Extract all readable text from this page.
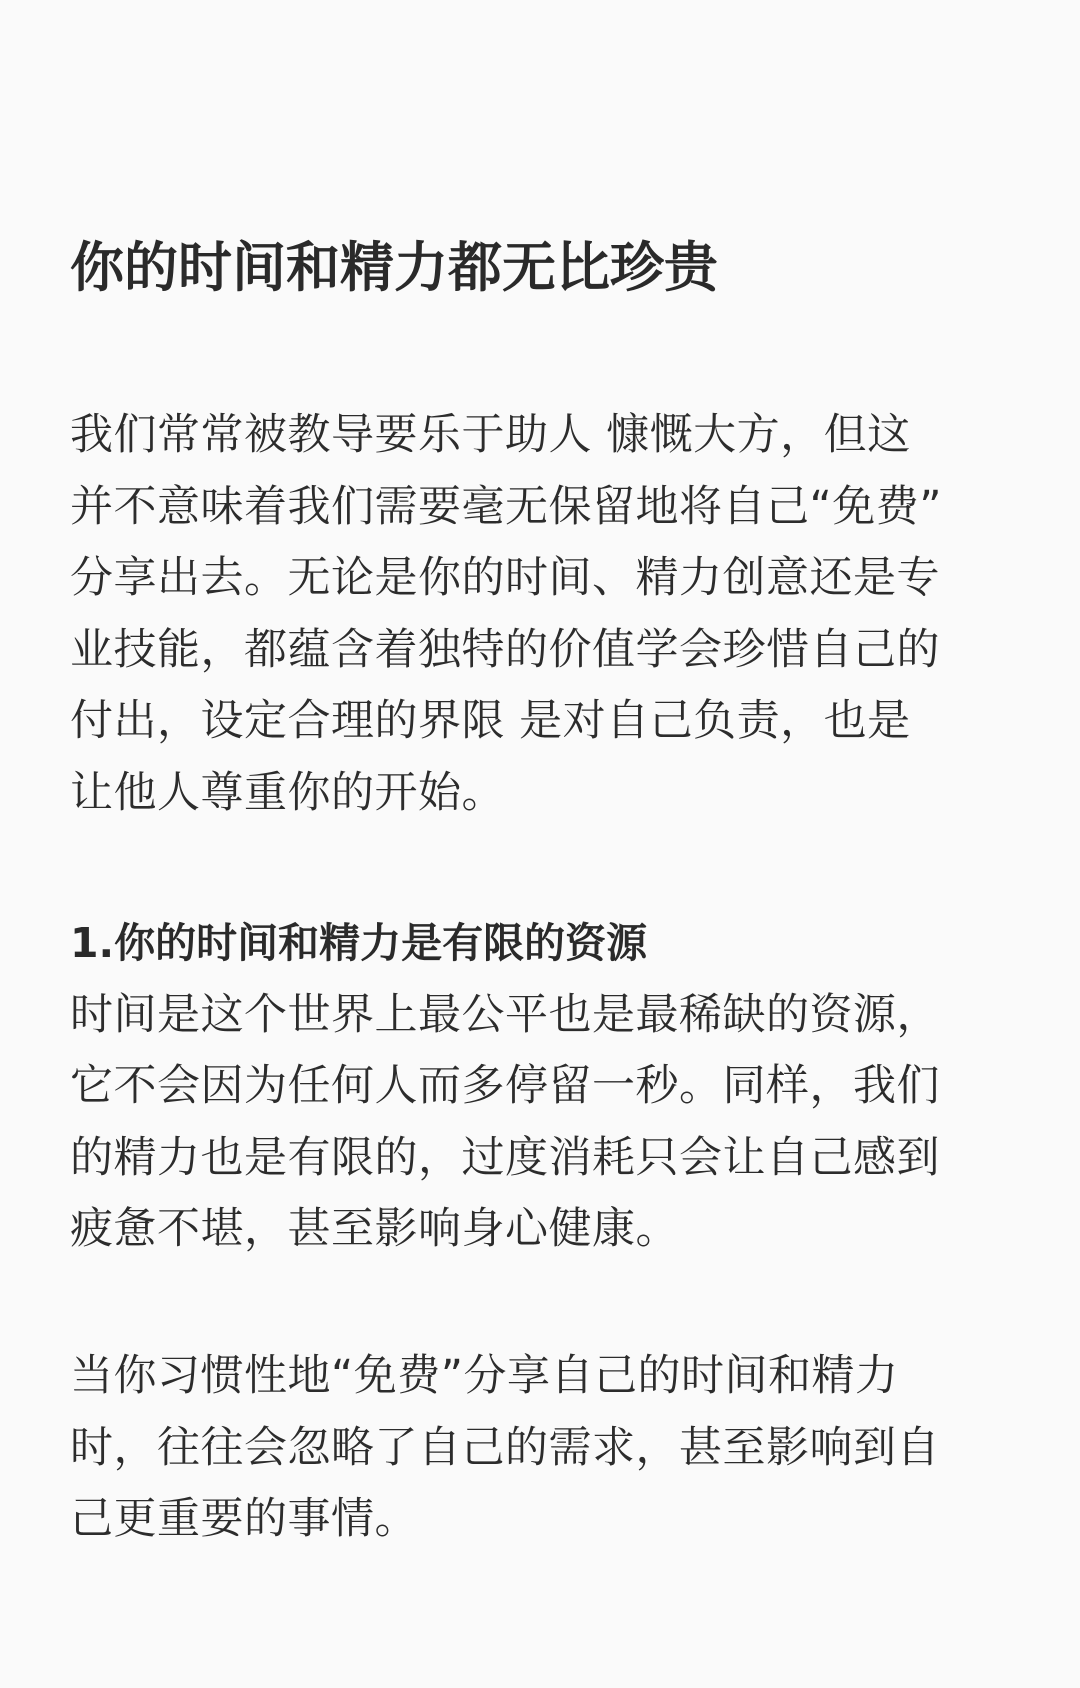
你的时间和精力都无比珍贵
我们常常被教导要乐于助人 慷慨大方，但这
并不意味着我们需要毫无保留地将自己“免费”
分享出去。无论是你的时间、精力创意还是专
业技能，都蕴含着独特的价值学会珍惜自己的
付出，设定合理的界限 是对自己负责，也是
让他人尊重你的开始。
1.你的时间和精力是有限的资源
时间是这个世界上最公平也是最稀缺的资源，
它不会因为任何人而多停留一秒。同样，我们
的精力也是有限的，过度消耗只会让自己感到
疲惫不堪，甚至影响身心健康。
当你习惯性地“免费”分享自己的时间和精力
时，往往会忽略了自己的需求，甚至影响到自
己更重要的事情。
